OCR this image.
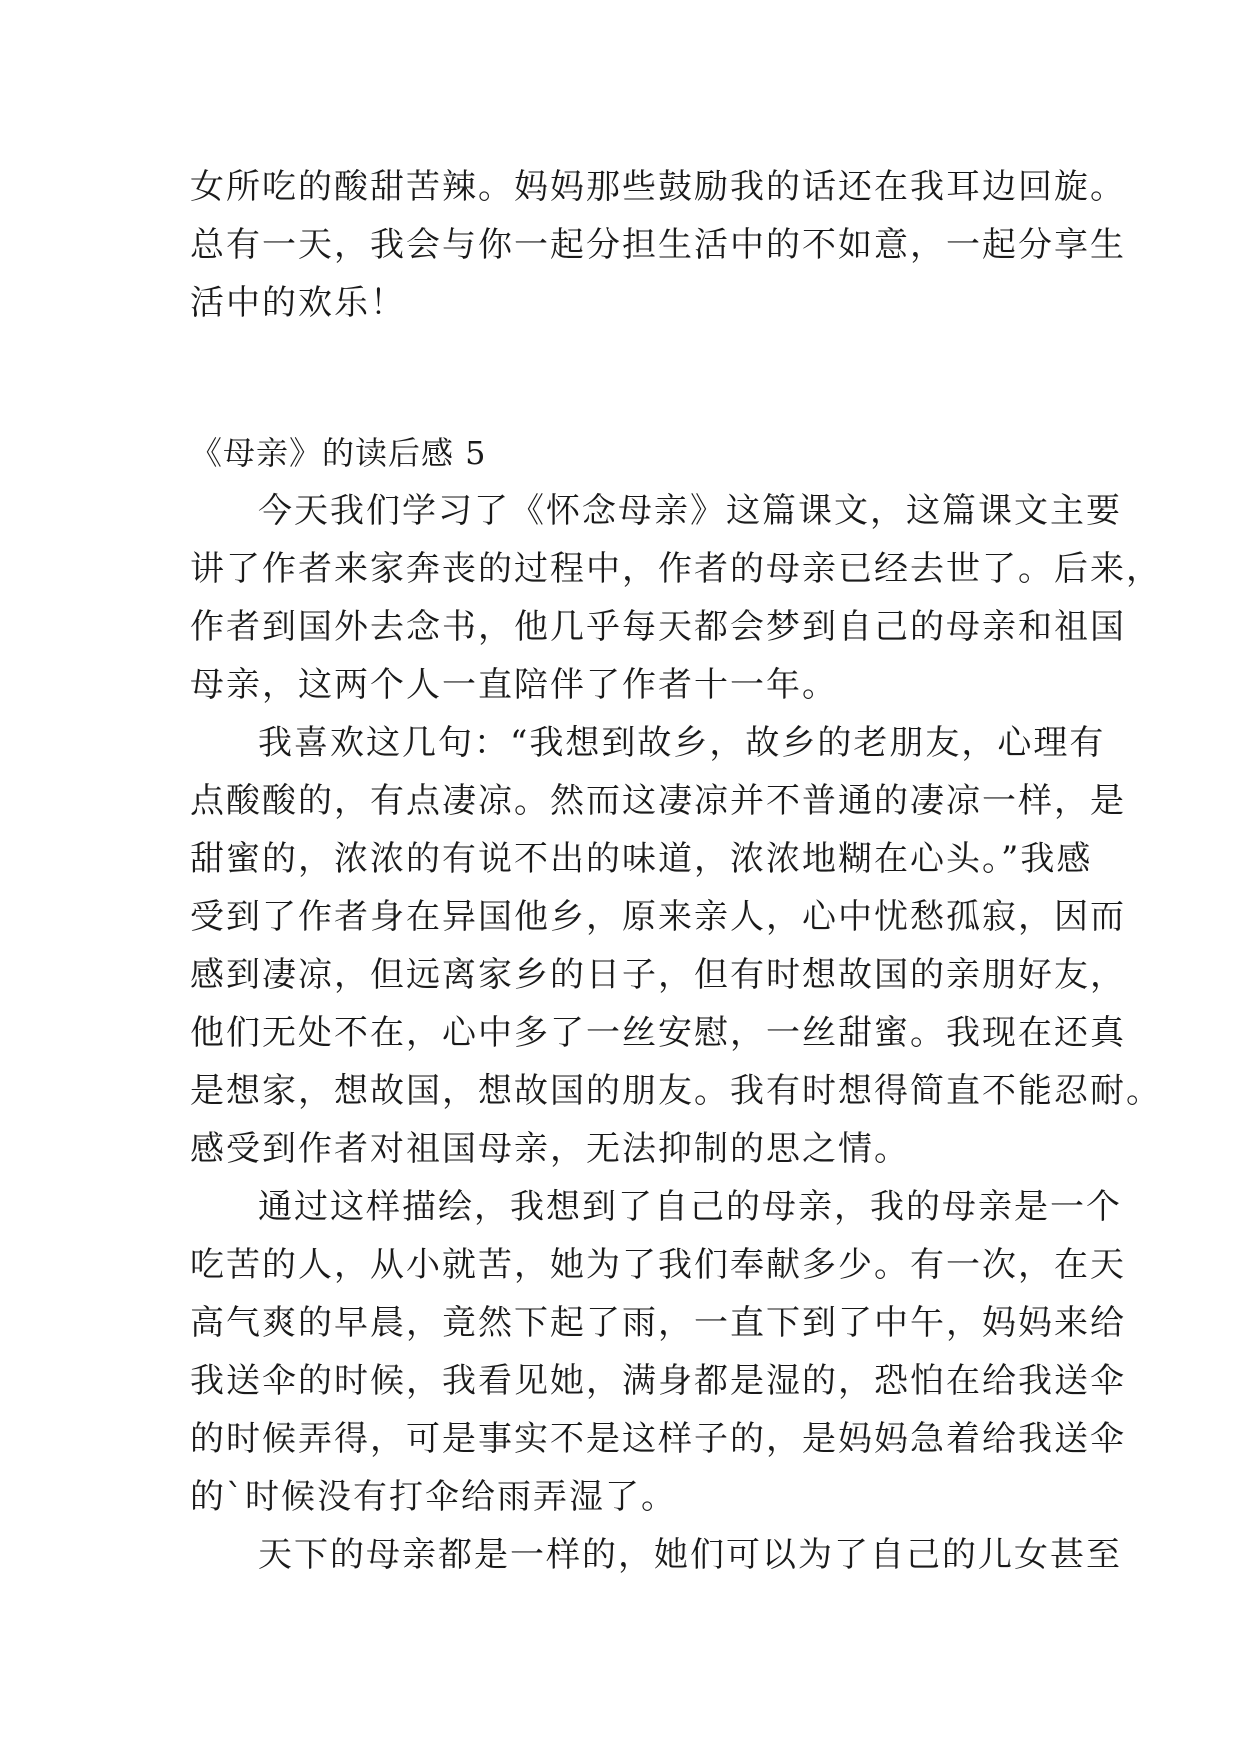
女所吃的酸甜苦辣。妈妈那些鼓励我的话还在我耳边回旋。
总有一天，我会与你一起分担生活中的不如意，一起分享生
活中的欢乐！
《母亲》的读后感 5
今天我们学习了《怀念母亲》这篇课文，这篇课文主要
讲了作者来家奔丧的过程中，作者的母亲已经去世了。后来，
作者到国外去念书，他几乎每天都会梦到自己的母亲和祖国
母亲，这两个人一直陪伴了作者十一年。
我喜欢这几句：“我想到故乡，故乡的老朋友，心理有
点酸酸的，有点凄凉。然而这凄凉并不普通的凄凉一样，是
甜蜜的，浓浓的有说不出的味道，浓浓地糊在心头。”我感
受到了作者身在异国他乡，原来亲人，心中忧愁孤寂，因而
感到凄凉，但远离家乡的日子，但有时想故国的亲朋好友，
他们无处不在，心中多了一丝安慰，一丝甜蜜。我现在还真
是想家，想故国，想故国的朋友。我有时想得简直不能忍耐。
感受到作者对祖国母亲，无法抑制的思之情。
通过这样描绘，我想到了自己的母亲，我的母亲是一个
吃苦的人，从小就苦，她为了我们奉献多少。有一次，在天
高气爽的早晨，竟然下起了雨，一直下到了中午，妈妈来给
我送伞的时候，我看见她，满身都是湿的，恐怕在给我送伞
的时候弄得，可是事实不是这样子的，是妈妈急着给我送伞
的`时候没有打伞给雨弄湿了。
天下的母亲都是一样的，她们可以为了自己的儿女甚至
